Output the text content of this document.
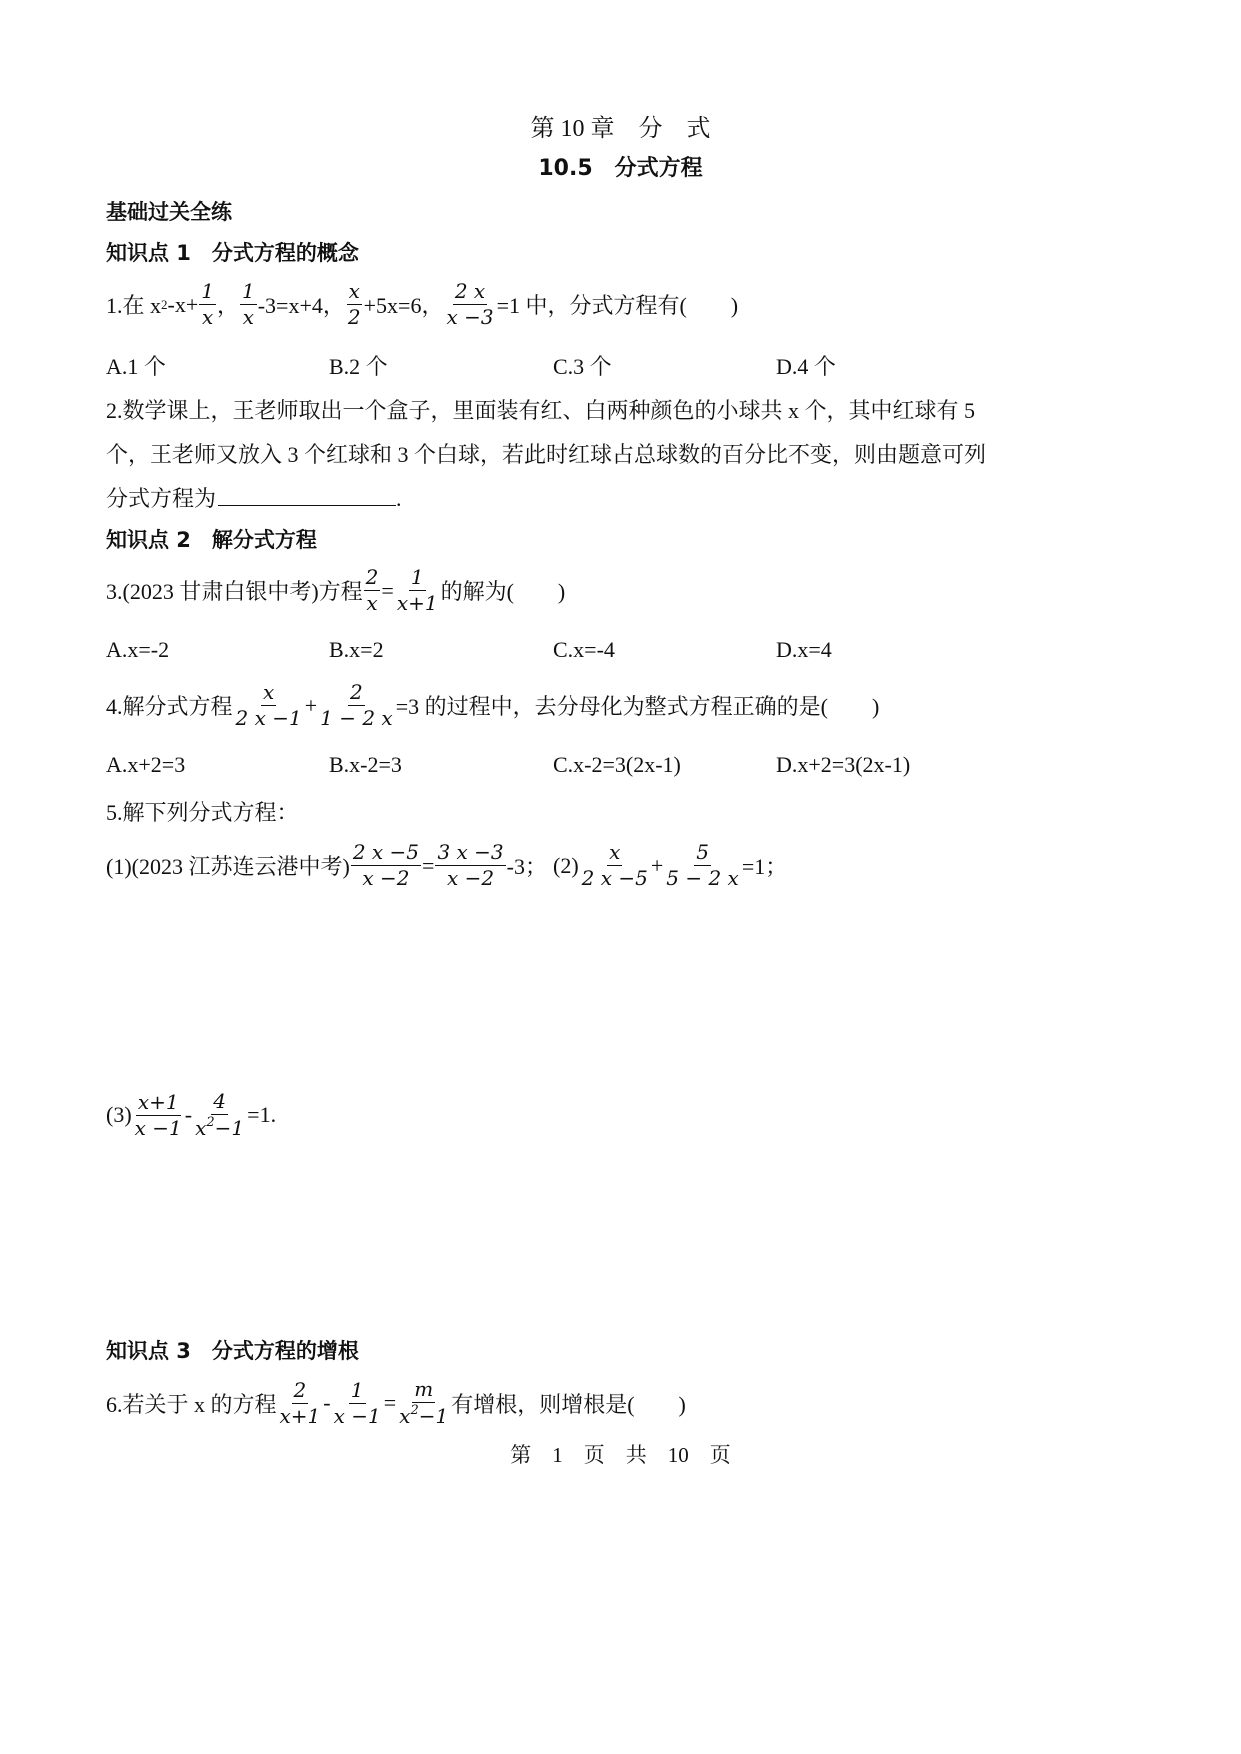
第 10 章　分　式
10.5　分式方程
基础过关全练
知识点 1　分式方程的概念
1.在 x 2 $-x+ \frac{1}{x}$ ， $\frac{1}{x} -3=x+4$， $\frac{x}{2} +5x=6$， $\frac{2 x}{x -3} =1$ 中，分式方程有(　　)
A.1 个	B.2 个	C.3 个	D.4 个
2.数学课上，王老师取出一个盒子，里面装有红、白两种颜色的小球共 x 个，其中红球有 5
个，王老师又放入 3 个红球和 3 个白球，若此时红球占总球数的百分比不变，则由题意可列
分式方程为	.
知识点 2　解分式方程
3.(2023 甘肃白银中考)方程 $\frac{2}{x} = \frac{1}{x+1}$ 的解为(　　)
A.x=-2	B.x=2	C.x=-4	D.x=4
4.解分式方程 $\frac{x}{2 x -1} + \frac{2}{1 - 2 x} =3$ 的过程中，去分母化为整式方程正确的是(　　)
A.x+2=3	B.x-2=3	C.x-2=3(2x-1)	D.x+2=3(2x-1)
5.解下列分式方程：
(1)(2023 江苏连云港中考) $\frac{2 x -5}{x -2} = \frac{3 x -3}{x -2} -3$； $(2) \frac{x}{2 x -5} + \frac{5}{5 - 2 x} =1$；
$(3) \frac{x+1}{x -1} - \frac{4}{x^2-1} =1$.
知识点 3　分式方程的增根
6.若关于 x 的方程 $\frac{2}{x+1} - \frac{1}{x -1} = \frac{m}{x^2-1}$ 有增根，则增根是(　　)
第　1　页　共　10　页
